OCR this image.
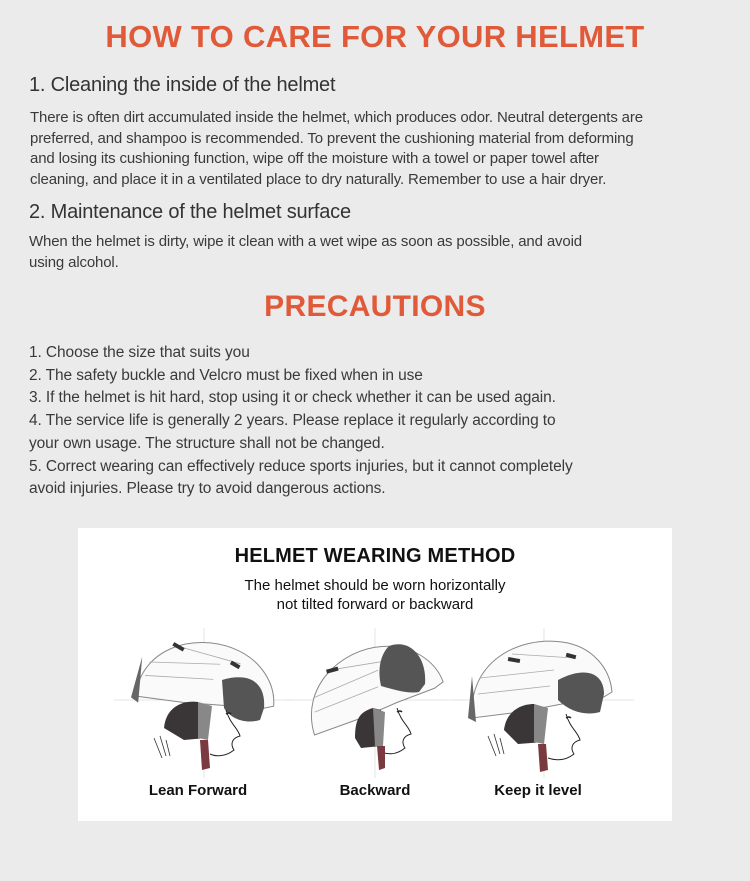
HOW TO CARE FOR YOUR HELMET
1. Cleaning the inside of the helmet
There is often dirt accumulated inside the helmet, which produces odor. Neutral detergents are
preferred, and shampoo is recommended. To prevent the cushioning material from deforming
and losing its cushioning function, wipe off the moisture with a towel or paper towel after
cleaning, and place it in a ventilated place to dry naturally. Remember to use a hair dryer.
2. Maintenance of the helmet surface
When the helmet is dirty, wipe it clean with a wet wipe as soon as possible, and avoid
using alcohol.
PRECAUTIONS
1. Choose the size that suits you
2. The safety buckle and Velcro must be fixed when in use
3. If the helmet is hit hard, stop using it or check whether it can be used again.
4. The service life is generally 2 years. Please replace it regularly according to
your own usage. The structure shall not be changed.
5. Correct wearing can effectively reduce sports injuries, but it cannot completely
avoid injuries. Please try to avoid dangerous actions.
HELMET WEARING METHOD
The helmet should be worn horizontally
not tilted forward or backward
Lean Forward	Backward	Keep it level
